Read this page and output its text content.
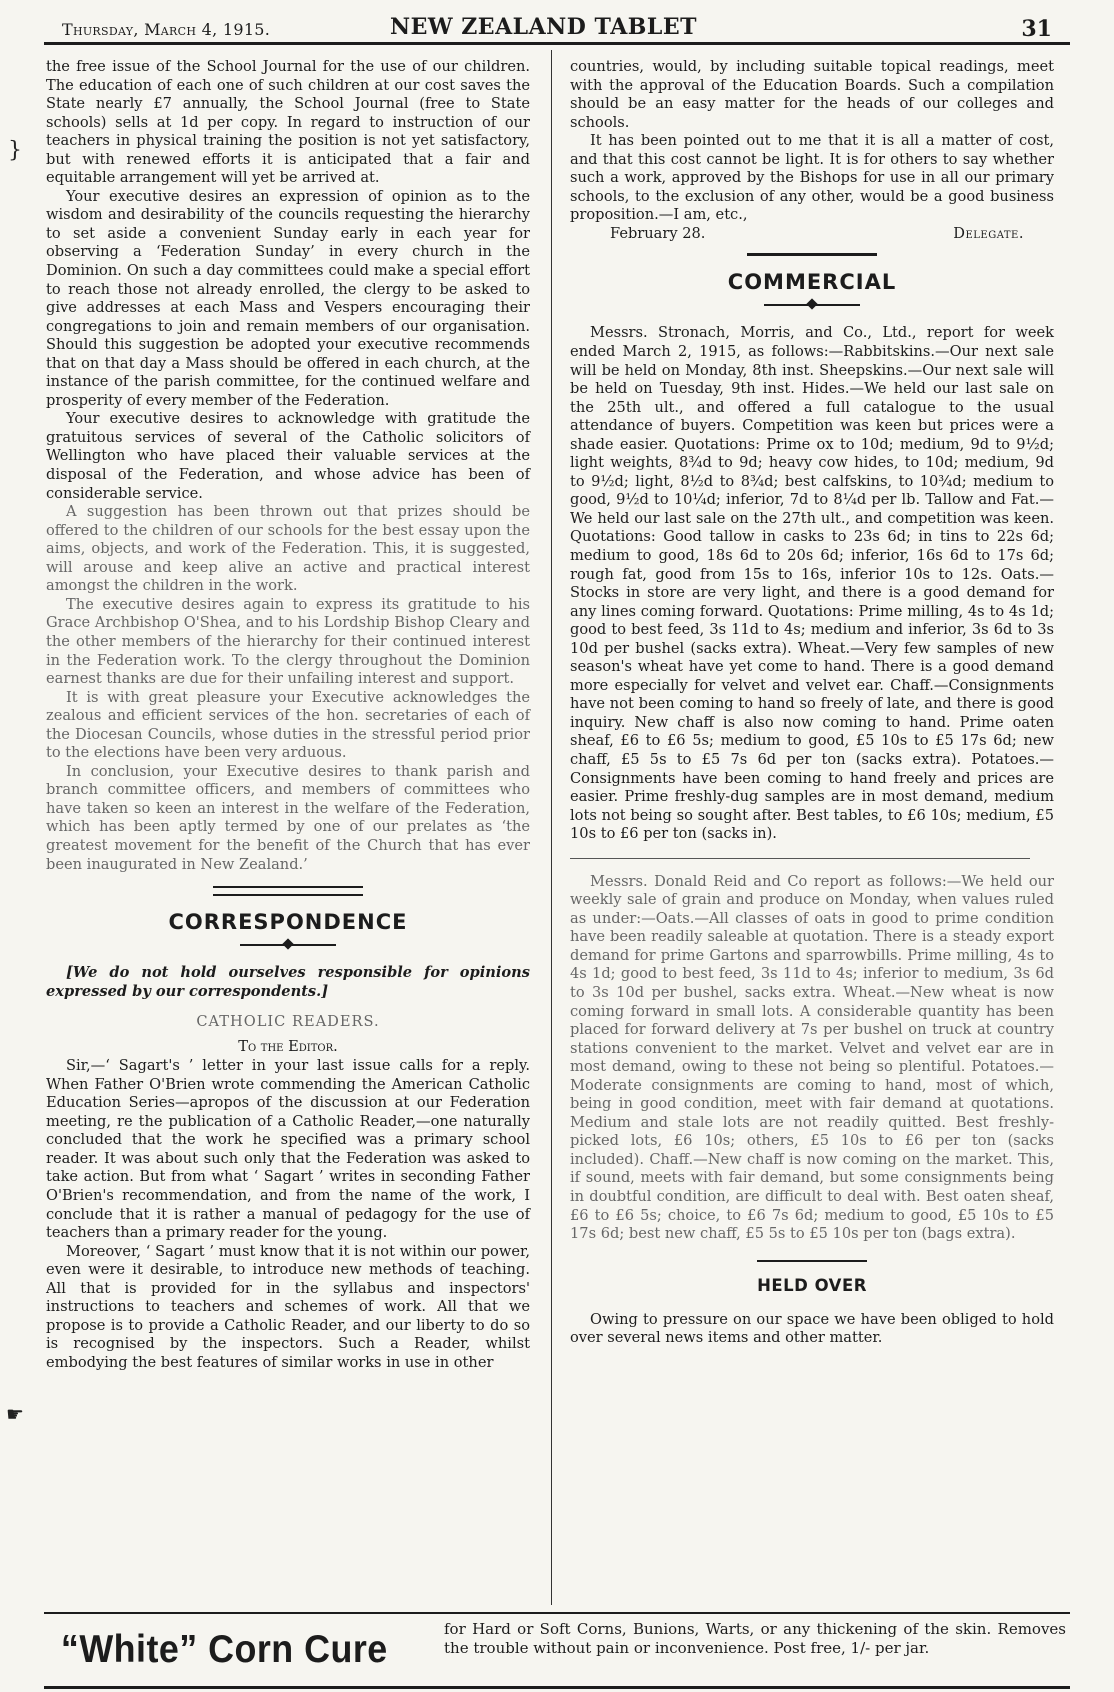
Thursday, March 4, 1915.	NEW ZEALAND TABLET	31
}
☛

the free issue of the School Journal for the use of our children. The education of each one of such children at our cost saves the State nearly £7 annually, the School Journal (free to State schools) sells at 1d per copy. In regard to instruction of our teachers in physical training the position is not yet satisfactory, but with renewed efforts it is anticipated that a fair and equitable arrangement will yet be arrived at.

Your executive desires an expression of opinion as to the wisdom and desirability of the councils requesting the hierarchy to set aside a convenient Sunday early in each year for observing a ‘Federation Sunday’ in every church in the Dominion. On such a day committees could make a special effort to reach those not already enrolled, the clergy to be asked to give addresses at each Mass and Vespers encouraging their congregations to join and remain members of our organisation. Should this suggestion be adopted your executive recommends that on that day a Mass should be offered in each church, at the instance of the parish committee, for the continued welfare and prosperity of every member of the Federation.

Your executive desires to acknowledge with gratitude the gratuitous services of several of the Catholic solicitors of Wellington who have placed their valuable services at the disposal of the Federation, and whose advice has been of considerable service.

A suggestion has been thrown out that prizes should be offered to the children of our schools for the best essay upon the aims, objects, and work of the Federation. This, it is suggested, will arouse and keep alive an active and practical interest amongst the children in the work.

The executive desires again to express its gratitude to his Grace Archbishop O'Shea, and to his Lordship Bishop Cleary and the other members of the hierarchy for their continued interest in the Federation work. To the clergy throughout the Dominion earnest thanks are due for their unfailing interest and support.

It is with great pleasure your Executive acknowledges the zealous and efficient services of the hon. secretaries of each of the Diocesan Councils, whose duties in the stressful period prior to the elections have been very arduous.

In conclusion, your Executive desires to thank parish and branch committee officers, and members of committees who have taken so keen an interest in the welfare of the Federation, which has been aptly termed by one of our prelates as ‘the greatest movement for the benefit of the Church that has ever been inaugurated in New Zealand.’

CORRESPONDENCE

[We do not hold ourselves responsible for opinions expressed by our correspondents.]

CATHOLIC READERS.
To the Editor.

Sir,—‘ Sagart's ’ letter in your last issue calls for a reply. When Father O'Brien wrote commending the American Catholic Education Series—apropos of the discussion at our Federation meeting, re the publication of a Catholic Reader,—one naturally concluded that the work he specified was a primary school reader. It was about such only that the Federation was asked to take action. But from what ‘ Sagart ’ writes in seconding Father O'Brien's recommendation, and from the name of the work, I conclude that it is rather a manual of pedagogy for the use of teachers than a primary reader for the young.

Moreover, ‘ Sagart ’ must know that it is not within our power, even were it desirable, to introduce new methods of teaching. All that is provided for in the syllabus and inspectors' instructions to teachers and schemes of work. All that we propose is to provide a Catholic Reader, and our liberty to do so is recognised by the inspectors. Such a Reader, whilst embodying the best features of similar works in use in other

countries, would, by including suitable topical readings, meet with the approval of the Education Boards. Such a compilation should be an easy matter for the heads of our colleges and schools.

It has been pointed out to me that it is all a matter of cost, and that this cost cannot be light. It is for others to say whether such a work, approved by the Bishops for use in all our primary schools, to the exclusion of any other, would be a good business proposition.—I am, etc.,

February 28.	Delegate.
COMMERCIAL

Messrs. Stronach, Morris, and Co., Ltd., report for week ended March 2, 1915, as follows:—Rabbitskins.—Our next sale will be held on Monday, 8th inst. Sheepskins.—Our next sale will be held on Tuesday, 9th inst. Hides.—We held our last sale on the 25th ult., and offered a full catalogue to the usual attendance of buyers. Competition was keen but prices were a shade easier. Quotations: Prime ox to 10d; medium, 9d to 9½d; light weights, 8¾d to 9d; heavy cow hides, to 10d; medium, 9d to 9½d; light, 8½d to 8¾d; best calfskins, to 10¾d; medium to good, 9½d to 10¼d; inferior, 7d to 8¼d per lb. Tallow and Fat.—We held our last sale on the 27th ult., and competition was keen. Quotations: Good tallow in casks to 23s 6d; in tins to 22s 6d; medium to good, 18s 6d to 20s 6d; inferior, 16s 6d to 17s 6d; rough fat, good from 15s to 16s, inferior 10s to 12s. Oats.—Stocks in store are very light, and there is a good demand for any lines coming forward. Quotations: Prime milling, 4s to 4s 1d; good to best feed, 3s 11d to 4s; medium and inferior, 3s 6d to 3s 10d per bushel (sacks extra). Wheat.—Very few samples of new season's wheat have yet come to hand. There is a good demand more especially for velvet and velvet ear. Chaff.—Consignments have not been coming to hand so freely of late, and there is good inquiry. New chaff is also now coming to hand. Prime oaten sheaf, £6 to £6 5s; medium to good, £5 10s to £5 17s 6d; new chaff, £5 5s to £5 7s 6d per ton (sacks extra). Potatoes.—Consignments have been coming to hand freely and prices are easier. Prime freshly-dug samples are in most demand, medium lots not being so sought after. Best tables, to £6 10s; medium, £5 10s to £6 per ton (sacks in).

Messrs. Donald Reid and Co report as follows:—We held our weekly sale of grain and produce on Monday, when values ruled as under:—Oats.—All classes of oats in good to prime condition have been readily saleable at quotation. There is a steady export demand for prime Gartons and sparrowbills. Prime milling, 4s to 4s 1d; good to best feed, 3s 11d to 4s; inferior to medium, 3s 6d to 3s 10d per bushel, sacks extra. Wheat.—New wheat is now coming forward in small lots. A considerable quantity has been placed for forward delivery at 7s per bushel on truck at country stations convenient to the market. Velvet and velvet ear are in most demand, owing to these not being so plentiful. Potatoes.—Moderate consignments are coming to hand, most of which, being in good condition, meet with fair demand at quotations. Medium and stale lots are not readily quitted. Best freshly-picked lots, £6 10s; others, £5 10s to £6 per ton (sacks included). Chaff.—New chaff is now coming on the market. This, if sound, meets with fair demand, but some consignments being in doubtful condition, are difficult to deal with. Best oaten sheaf, £6 to £6 5s; choice, to £6 7s 6d; medium to good, £5 10s to £5 17s 6d; best new chaff, £5 5s to £5 10s per ton (bags extra).

HELD OVER

Owing to pressure on our space we have been obliged to hold over several news items and other matter.

“White” Corn Cure	for Hard or Soft Corns, Bunions, Warts, or any thickening of the skin. Removes the trouble without pain or inconvenience. Post free, 1/- per jar.
